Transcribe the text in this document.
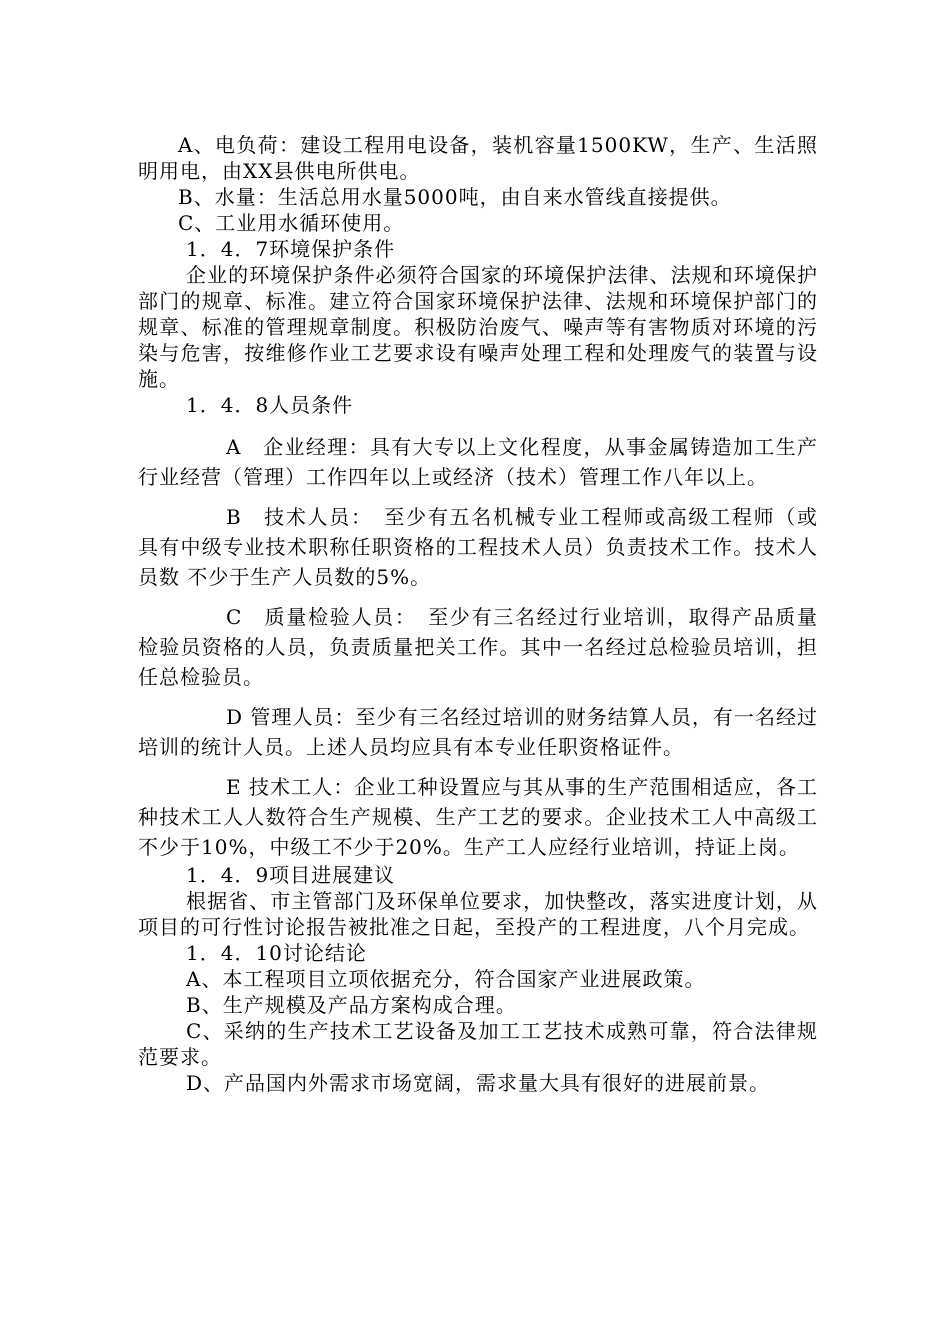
A、电负荷：建设工程用电设备，装机容量1500KW，生产、生活照明用电，由XX县供电所供电。

B、水量：生活总用水量5000吨，由自来水管线直接提供。

C、工业用水循环使用。

1．4．7环境保护条件

企业的环境保护条件必须符合国家的环境保护法律、法规和环境保护部门的规章、标准。建立符合国家环境保护法律、法规和环境保护部门的规章、标准的管理规章制度。积极防治废气、噪声等有害物质对环境的污染与危害，按维修作业工艺要求设有噪声处理工程和处理废气的装置与设施。

1．4．8人员条件

A　企业经理：具有大专以上文化程度，从事金属铸造加工生产行业经营（管理）工作四年以上或经济（技术）管理工作八年以上。

B　技术人员：　至少有五名机械专业工程师或高级工程师（或具有中级专业技术职称任职资格的工程技术人员）负责技术工作。技术人员数 不少于生产人员数的5%。

C　质量检验人员：　至少有三名经过行业培训，取得产品质量检验员资格的人员，负责质量把关工作。其中一名经过总检验员培训，担任总检验员。

D 管理人员：至少有三名经过培训的财务结算人员，有一名经过培训的统计人员。上述人员均应具有本专业任职资格证件。

E 技术工人：企业工种设置应与其从事的生产范围相适应，各工种技术工人人数符合生产规模、生产工艺的要求。企业技术工人中高级工不少于10%，中级工不少于20%。生产工人应经行业培训，持证上岗。

1．4．9项目进展建议

根据省、市主管部门及环保单位要求，加快整改，落实进度计划，从项目的可行性讨论报告被批准之日起，至投产的工程进度，八个月完成。

1．4．10讨论结论

A、本工程项目立项依据充分，符合国家产业进展政策。

B、生产规模及产品方案构成合理。

C、采纳的生产技术工艺设备及加工工艺技术成熟可靠，符合法律规范要求。

D、产品国内外需求市场宽阔，需求量大具有很好的进展前景。
